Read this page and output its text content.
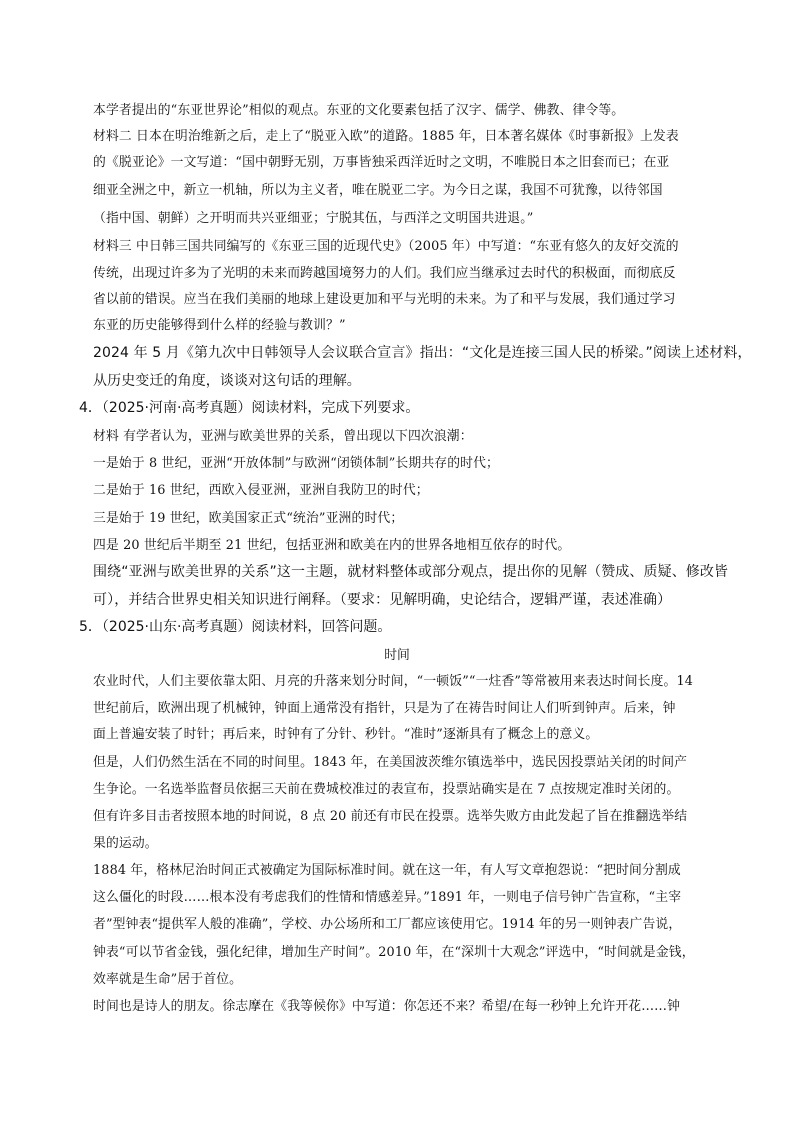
本学者提出的“东亚世界论”相似的观点。东亚的文化要素包括了汉字、儒学、佛教、律令等。
材料二 日本在明治维新之后，走上了“脱亚入欧”的道路。1885 年，日本著名媒体《时事新报》上发表
的《脱亚论》一文写道：“国中朝野无别，万事皆独采西洋近时之文明，不唯脱日本之旧套而已；在亚
细亚全洲之中，新立一机轴，所以为主义者，唯在脱亚二字。为今日之谋，我国不可犹豫，以待邻国
（指中国、朝鲜）之开明而共兴亚细亚；宁脱其伍，与西洋之文明国共进退。”
材料三 中日韩三国共同编写的《东亚三国的近现代史》（2005 年）中写道：“东亚有悠久的友好交流的
传统，出现过许多为了光明的未来而跨越国境努力的人们。我们应当继承过去时代的积极面，而彻底反
省以前的错误。应当在我们美丽的地球上建设更加和平与光明的未来。为了和平与发展，我们通过学习
东亚的历史能够得到什么样的经验与教训？”
2024 年 5 月《第九次中日韩领导人会议联合宣言》指出：“文化是连接三国人民的桥梁。”阅读上述材料，
从历史变迁的角度，谈谈对这句话的理解。
4．（2025·河南·高考真题）阅读材料，完成下列要求。
材料 有学者认为，亚洲与欧美世界的关系，曾出现以下四次浪潮：
一是始于 8 世纪，亚洲“开放体制”与欧洲“闭锁体制”长期共存的时代；
二是始于 16 世纪，西欧入侵亚洲，亚洲自我防卫的时代；
三是始于 19 世纪，欧美国家正式“统治”亚洲的时代；
四是 20 世纪后半期至 21 世纪，包括亚洲和欧美在内的世界各地相互依存的时代。
围绕“亚洲与欧美世界的关系”这一主题，就材料整体或部分观点，提出你的见解（赞成、质疑、修改皆
可），并结合世界史相关知识进行阐释。（要求：见解明确，史论结合，逻辑严谨，表述准确）
5．（2025·山东·高考真题）阅读材料，回答问题。
时间
农业时代，人们主要依靠太阳、月亮的升落来划分时间，“一顿饭”“一炷香”等常被用来表达时间长度。14
世纪前后，欧洲出现了机械钟，钟面上通常没有指针，只是为了在祷告时间让人们听到钟声。后来，钟
面上普遍安装了时针；再后来，时钟有了分针、秒针。“准时”逐渐具有了概念上的意义。
但是，人们仍然生活在不同的时间里。1843 年，在美国波茨维尔镇选举中，选民因投票站关闭的时间产
生争论。一名选举监督员依据三天前在费城校准过的表宣布，投票站确实是在 7 点按规定准时关闭的。
但有许多目击者按照本地的时间说，8 点 20 前还有市民在投票。选举失败方由此发起了旨在推翻选举结
果的运动。
1884 年，格林尼治时间正式被确定为国际标准时间。就在这一年，有人写文章抱怨说：“把时间分割成
这么僵化的时段……根本没有考虑我们的性情和情感差异。”1891 年，一则电子信号钟广告宣称，“主宰
者”型钟表“提供军人般的准确”，学校、办公场所和工厂都应该使用它。1914 年的另一则钟表广告说，
钟表“可以节省金钱，强化纪律，增加生产时间”。2010 年，在“深圳十大观念”评选中，“时间就是金钱，
效率就是生命”居于首位。
时间也是诗人的朋友。徐志摩在《我等候你》中写道：你怎还不来？希望/在每一秒钟上允许开花……钟
